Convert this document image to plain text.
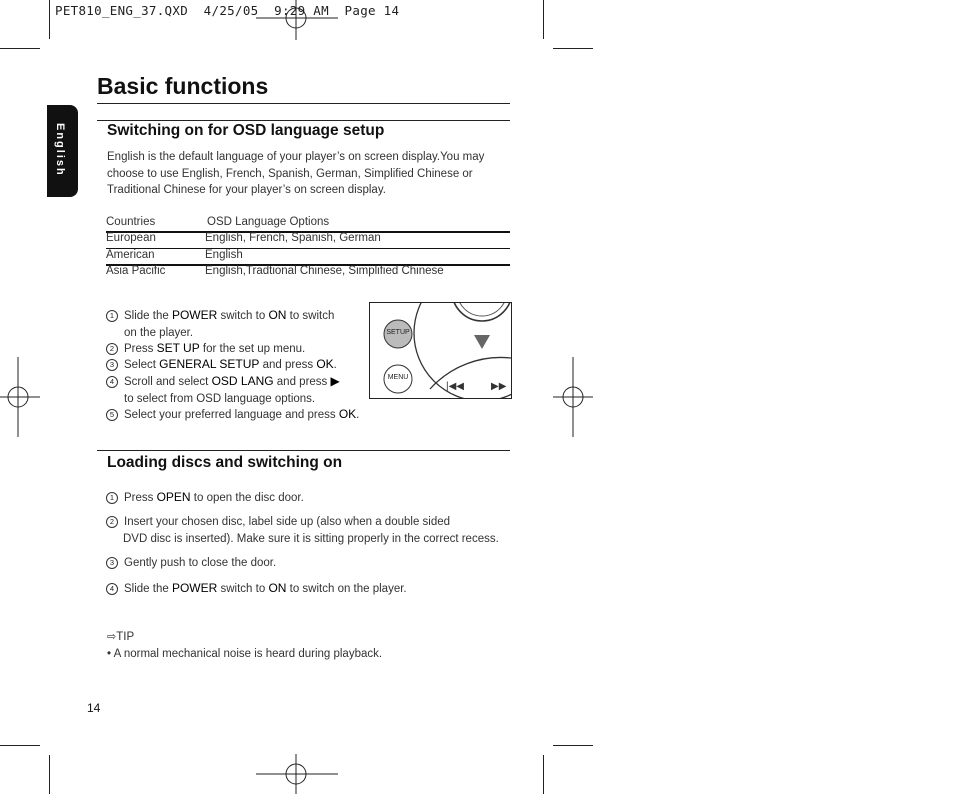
PET810_ENG_37.QXD  4/25/05  9:29 AM  Page 14
English
Basic functions
Switching on for OSD language setup
English is the default language of your player’s on screen display.You may choose to use English, French, Spanish, German, Simplified Chinese or Traditional Chinese for your player’s on screen display.
Countries	OSD Language Options
European	English, French, Spanish, German
American	English
Asia Pacific	English,Tradtional Chinese, Simplified Chinese
1 Slide the POWER switch to ON to switch
on the player.
2 Press SET UP for the set up menu.
3 Select GENERAL SETUP and press OK.
4 Scroll and select OSD LANG and press ▶
to select from OSD language options.
5 Select your preferred language and press OK.
SETUP
MENU
|◀◀	▶▶
Loading discs and switching on
1 Press OPEN to open the disc door.
2 Insert your chosen disc, label side up (also when a double sided
DVD disc is inserted). Make sure it is sitting properly in the correct recess.
3 Gently push to close the door.
4 Slide the POWER switch to ON to switch on the player.
⇨TIP
• A normal mechanical noise is heard during playback.
14
